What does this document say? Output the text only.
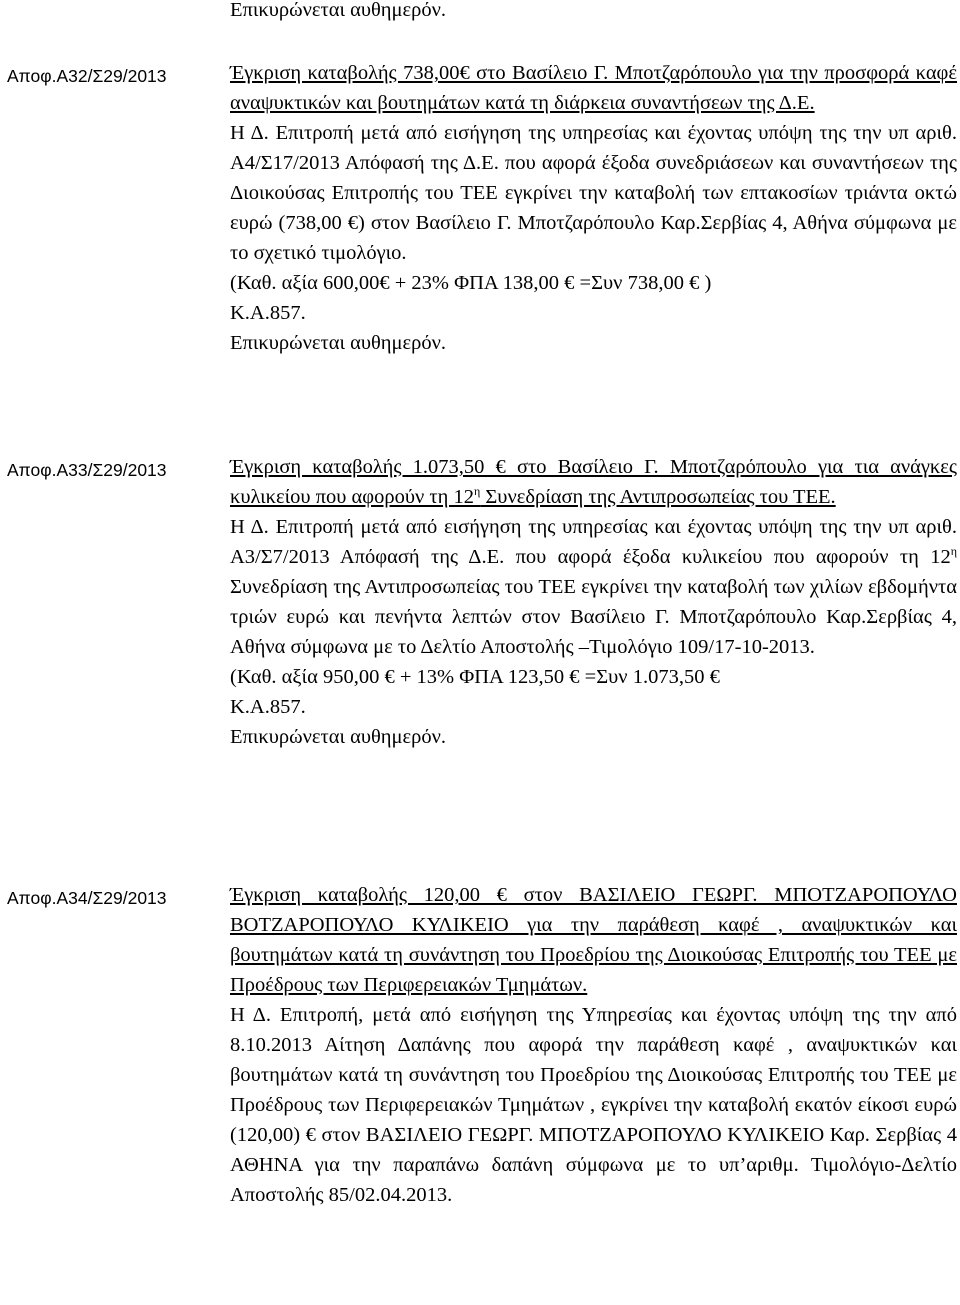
Επικυρώνεται αυθημερόν.
Αποφ.Α32/Σ29/2013	Έγκριση καταβολής 738,00€ στο Βασίλειο Γ. Μποτζαρόπουλο για την προσφορά καφέ αναψυκτικών και βουτημάτων κατά τη διάρκεια συναντήσεων της Δ.Ε.

Η Δ. Επιτροπή μετά από εισήγηση της υπηρεσίας και έχοντας υπόψη της την υπ αριθ. Α4/Σ17/2013 Απόφασή της Δ.Ε. που αφορά έξοδα συνεδριάσεων και συναντήσεων της Διοικούσας Επιτροπής του ΤΕΕ εγκρίνει την καταβολή των επτακοσίων τριάντα οκτώ ευρώ (738,00 €) στον Βασίλειο Γ. Μποτζαρόπουλο Καρ.Σερβίας 4, Αθήνα σύμφωνα με το σχετικό τιμολόγιο.

(Καθ. αξία 600,00€ + 23% ΦΠΑ 138,00 € =Συν 738,00 € )

Κ.Α.857.

Επικυρώνεται αυθημερόν.

Αποφ.Α33/Σ29/2013	Έγκριση καταβολής 1.073,50 € στο Βασίλειο Γ. Μποτζαρόπουλο για τια ανάγκες κυλικείου που αφορούν τη $12^\eta$ Συνεδρίαση της Αντιπροσωπείας του ΤΕΕ.

Η Δ. Επιτροπή μετά από εισήγηση της υπηρεσίας και έχοντας υπόψη της την υπ αριθ. Α3/Σ7/2013 Απόφασή της Δ.Ε. που αφορά έξοδα κυλικείου που αφορούν τη $12^\eta$ Συνεδρίαση της Αντιπροσωπείας του ΤΕΕ εγκρίνει την καταβολή των χιλίων εβδομήντα τριών ευρώ και πενήντα λεπτών στον Βασίλειο Γ. Μποτζαρόπουλο Καρ.Σερβίας 4, Αθήνα σύμφωνα με το Δελτίο Αποστολής –Τιμολόγιο 109/17-10-2013.

(Καθ. αξία 950,00 € + 13% ΦΠΑ 123,50 € =Συν 1.073,50 €

Κ.Α.857.

Επικυρώνεται αυθημερόν.

Αποφ.Α34/Σ29/2013	Έγκριση καταβολής 120,00 € στον ΒΑΣΙΛΕΙΟ ΓΕΩΡΓ. ΜΠΟΤΖΑΡΟΠΟΥΛΟ ΒΟΤΖΑΡΟΠΟΥΛΟ ΚΥΛΙΚΕΙΟ για την παράθεση καφέ , αναψυκτικών και βουτημάτων κατά τη συνάντηση του Προεδρίου της Διοικούσας Επιτροπής του ΤΕΕ με Προέδρους των Περιφερειακών Τμημάτων.

Η Δ. Επιτροπή, μετά από εισήγηση της Υπηρεσίας και έχοντας υπόψη της την από 8.10.2013 Αίτηση Δαπάνης που αφορά την παράθεση καφέ , αναψυκτικών και βουτημάτων κατά τη συνάντηση του Προεδρίου της Διοικούσας Επιτροπής του ΤΕΕ με Προέδρους των Περιφερειακών Τμημάτων , εγκρίνει την καταβολή εκατόν είκοσι ευρώ (120,00) € στον ΒΑΣΙΛΕΙΟ ΓΕΩΡΓ. ΜΠΟΤΖΑΡΟΠΟΥΛΟ ΚΥΛΙΚΕΙΟ Καρ. Σερβίας 4 ΑΘΗΝΑ για την παραπάνω δαπάνη σύμφωνα με το υπ’αριθμ. Τιμολόγιο-Δελτίο Αποστολής 85/02.04.2013.
